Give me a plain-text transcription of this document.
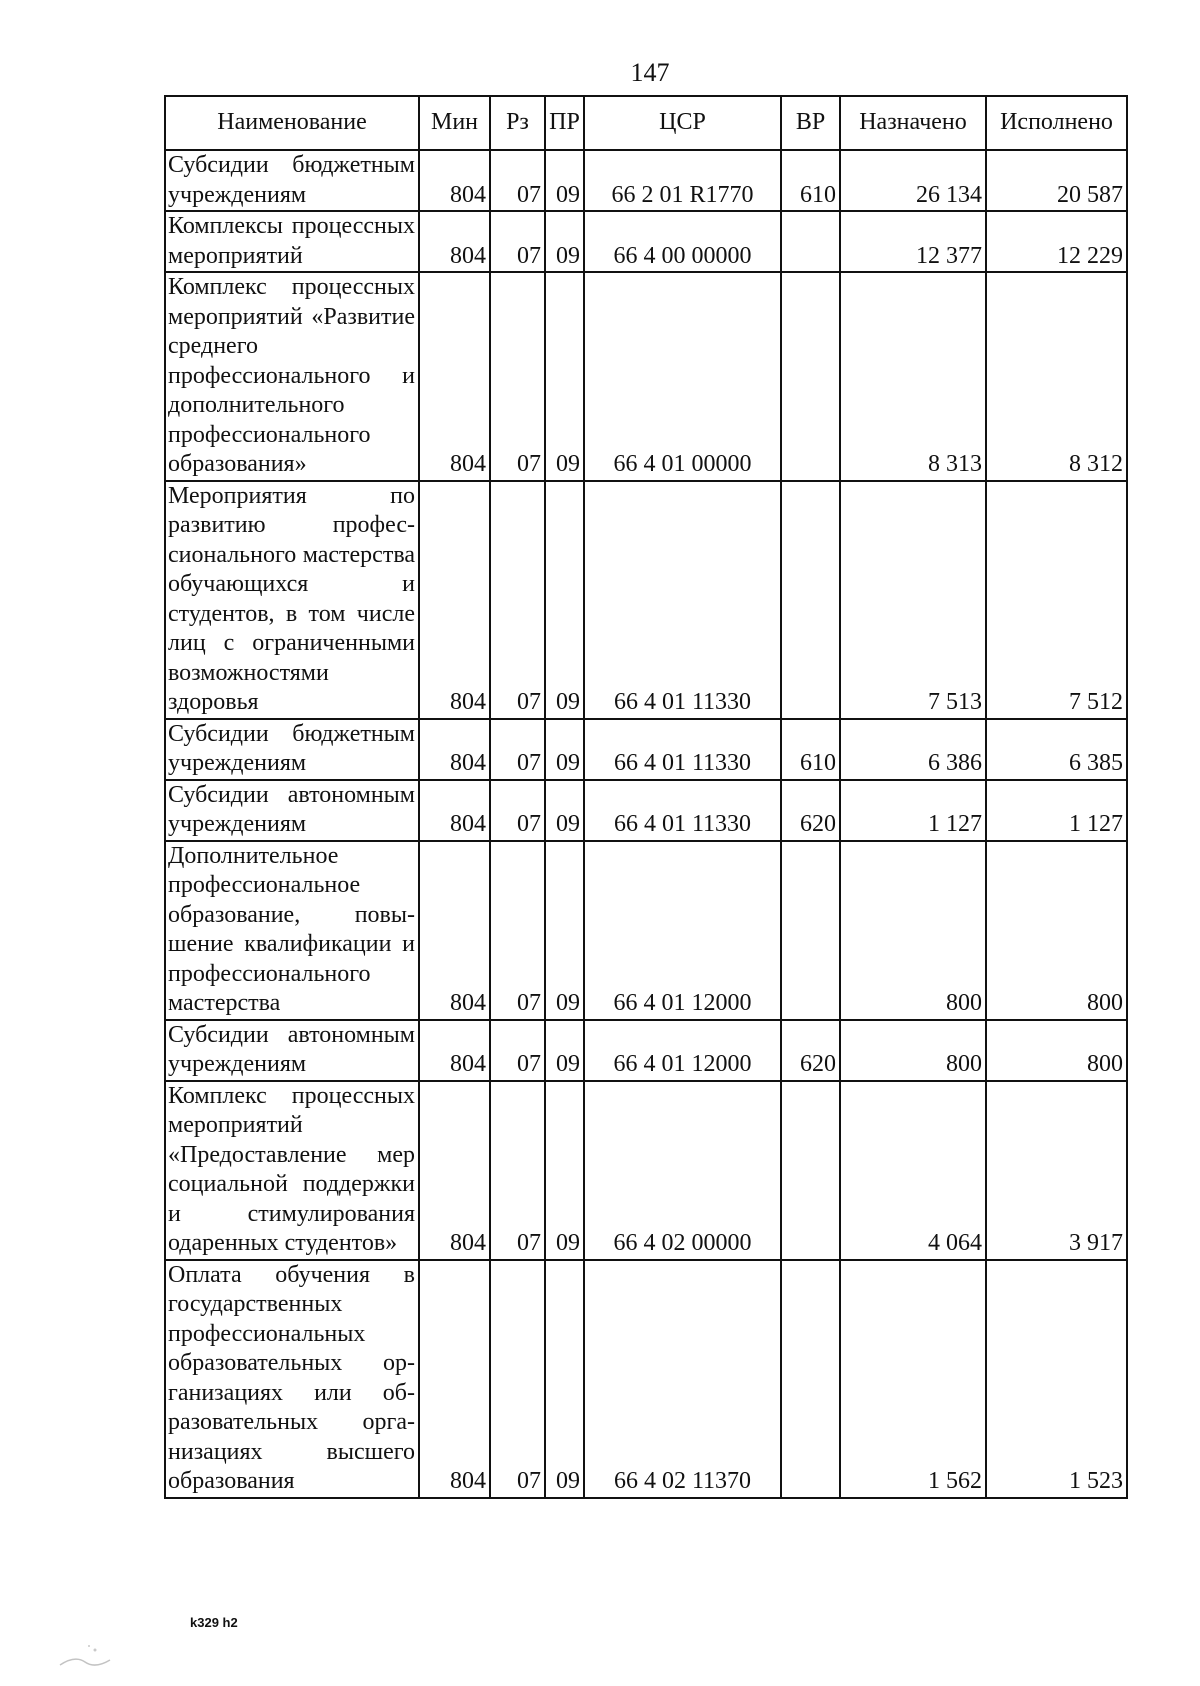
147
Наименование	Мин	Рз	ПР	ЦСР	ВР	Назначено	Исполнено
Субсидии бюджетным учреждениям	804	07	09	66 2 01 R1770	610	26 134	20 587
Комплексы процессных мероприятий	804	07	09	66 4 00 00000		12 377	12 229
Комплекс процессных мероприятий «Развитие среднего профессионального и дополнительного профессионального образования»	804	07	09	66 4 01 00000		8 313	8 312
Мероприятия по развитию профессионального мастерства обучающихся и студентов, в том числе лиц с ограниченными возможностями здоровья	804	07	09	66 4 01 11330		7 513	7 512
Субсидии бюджетным учреждениям	804	07	09	66 4 01 11330	610	6 386	6 385
Субсидии автономным учреждениям	804	07	09	66 4 01 11330	620	1 127	1 127
Дополнительное профессиональное образование, повышение квалификации и профессионального мастерства	804	07	09	66 4 01 12000		800	800
Субсидии автономным учреждениям	804	07	09	66 4 01 12000	620	800	800
Комплекс процессных мероприятий «Предоставление мер социальной поддержки и стимулирования одаренных студентов»	804	07	09	66 4 02 00000		4 064	3 917
Оплата обучения в государственных профессиональных образовательных организациях или образовательных организациях высшего образования	804	07	09	66 4 02 11370		1 562	1 523
k329 h2
